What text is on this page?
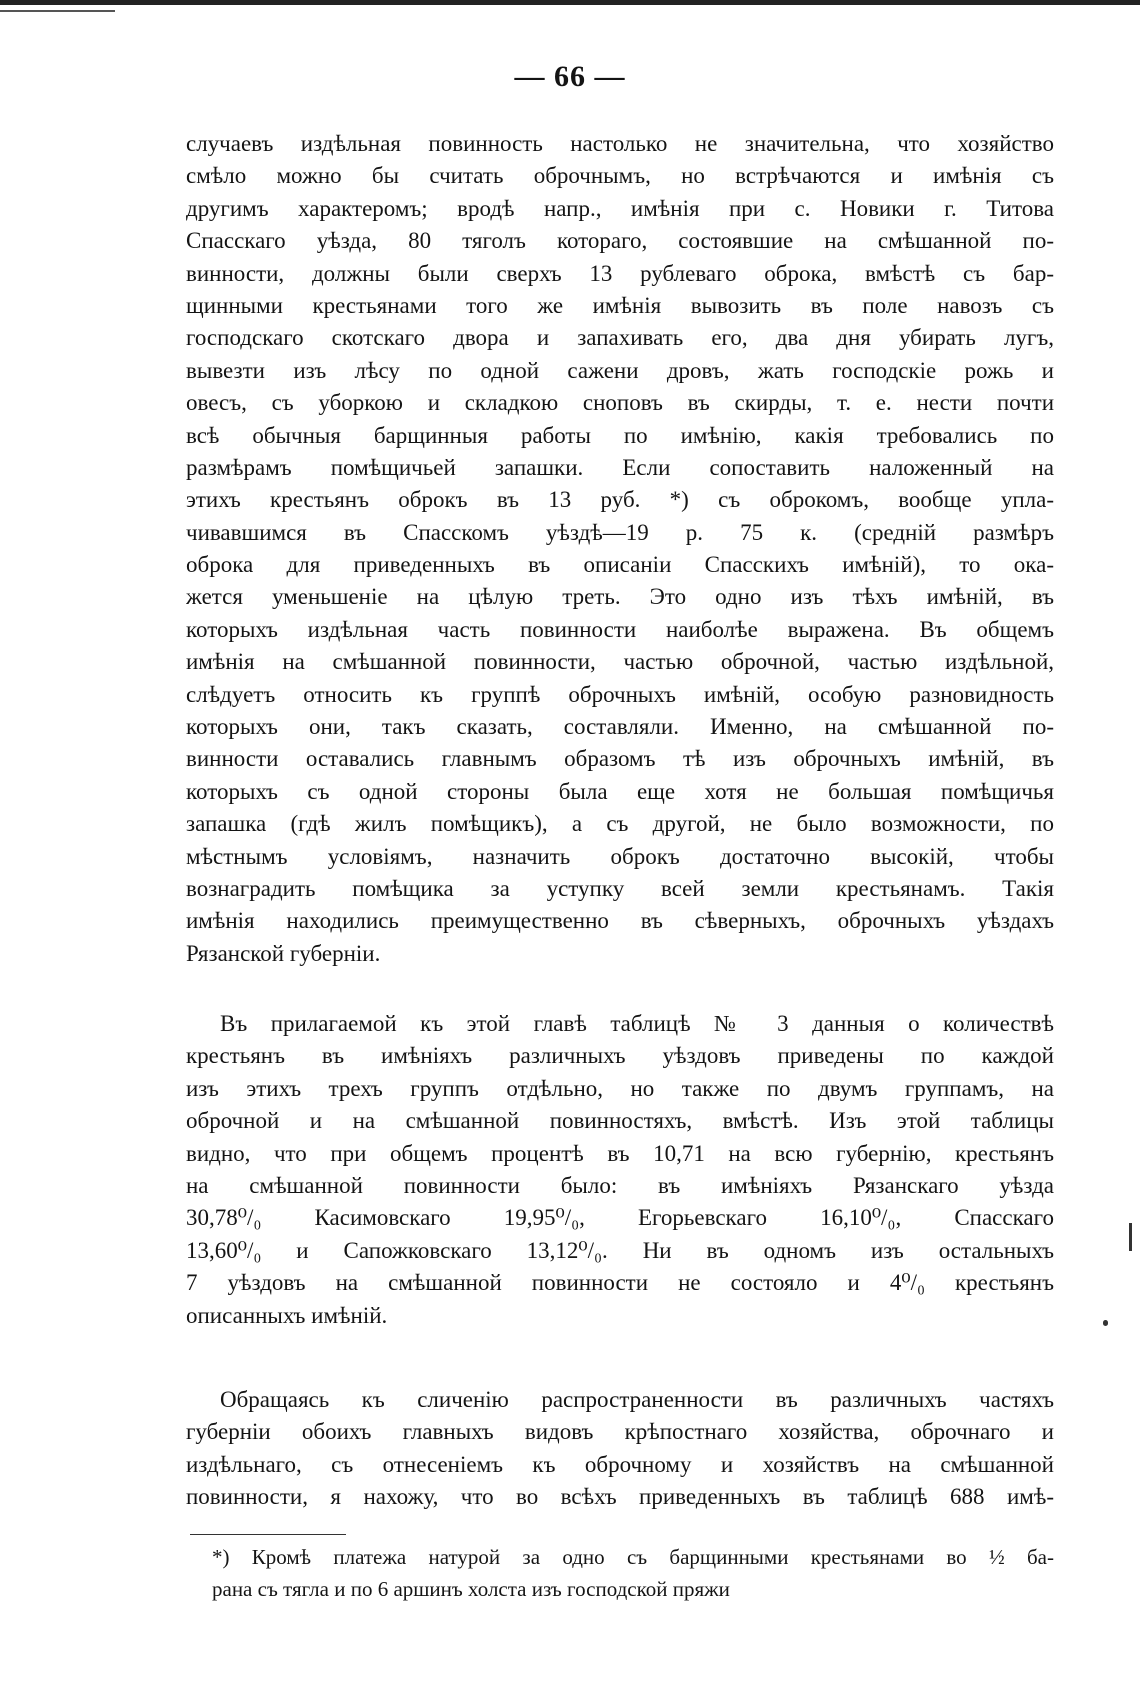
— 66 —
случаевъ издѣльная повинность настолько не значительна, что хозяйство
смѣло можно бы считать оброчнымъ, но встрѣчаются и имѣнія съ
другимъ характеромъ; вродѣ напр., имѣнія при с. Новики г. Титова
Спасскаго уѣзда, 80 тяголъ котораго, состоявшие на смѣшанной по-
винности, должны были сверхъ 13 рублеваго оброка, вмѣстѣ съ бар-
щинными крестьянами того же имѣнія вывозить въ поле навозъ съ
господскаго скотскаго двора и запахивать его, два дня убирать лугъ,
вывезти изъ лѣсу по одной сажени дровъ, жать господскіе рожь и
овесъ, съ уборкою и складкою сноповъ въ скирды, т. е. нести почти
всѣ обычныя барщинныя работы по имѣнію, какія требовались по
размѣрамъ помѣщичьей запашки. Если сопоставить наложенный на
этихъ крестьянъ оброкъ въ 13 руб. *) съ оброкомъ, вообще упла-
чивавшимся въ Спасскомъ уѣздѣ—19 р. 75 к. (средній размѣръ
оброка для приведенныхъ въ описаніи Спасскихъ имѣній), то ока-
жется уменьшеніе на цѣлую треть. Это одно изъ тѣхъ имѣній, въ
которыхъ издѣльная часть повинности наиболѣе выражена. Въ общемъ
имѣнія на смѣшанной повинности, частью оброчной, частью издѣльной,
слѣдуетъ относить къ группѣ оброчныхъ имѣній, особую разновидность
которыхъ они, такъ сказать, составляли. Именно, на смѣшанной по-
винности оставались главнымъ образомъ тѣ изъ оброчныхъ имѣній, въ
которыхъ съ одной стороны была еще хотя не большая помѣщичья
запашка (гдѣ жилъ помѣщикъ), а съ другой, не было возможности, по
мѣстнымъ условіямъ, назначить оброкъ достаточно высокій, чтобы
вознаградить помѣщика за уступку всей земли крестьянамъ. Такія
имѣнія находились преимущественно въ сѣверныхъ, оброчныхъ уѣздахъ
Рязанской губерніи.
Въ прилагаемой къ этой главѣ таблицѣ № 3 данныя о количествѣ
крестьянъ въ имѣніяхъ различныхъ уѣздовъ приведены по каждой
изъ этихъ трехъ группъ отдѣльно, но также по двумъ группамъ, на
оброчной и на смѣшанной повинностяхъ, вмѣстѣ. Изъ этой таблицы
видно, что при общемъ процентѣ въ 10,71 на всю губернію, крестьянъ
на смѣшанной повинности было: въ имѣніяхъ Рязанскаго уѣзда
30,78⁰/₀ Касимовскаго 19,95⁰/₀, Егорьевскаго 16,10⁰/₀, Спасскаго
13,60⁰/₀ и Сапожковскаго 13,12⁰/₀. Ни въ одномъ изъ остальныхъ
7 уѣздовъ на смѣшанной повинности не состояло и 4⁰/₀ крестьянъ
описанныхъ имѣній.
Обращаясь къ сличенію распространенности въ различныхъ частяхъ
губерніи обоихъ главныхъ видовъ крѣпостнаго хозяйства, оброчнаго и
издѣльнаго, съ отнесеніемъ къ оброчному и хозяйствъ на смѣшанной
повинности, я нахожу, что во всѣхъ приведенныхъ въ таблицѣ 688 имѣ-
*) Кромѣ платежа натурой за одно съ барщинными крестьянами во ½ ба-
рана съ тягла и по 6 аршинъ холста изъ господской пряжи
